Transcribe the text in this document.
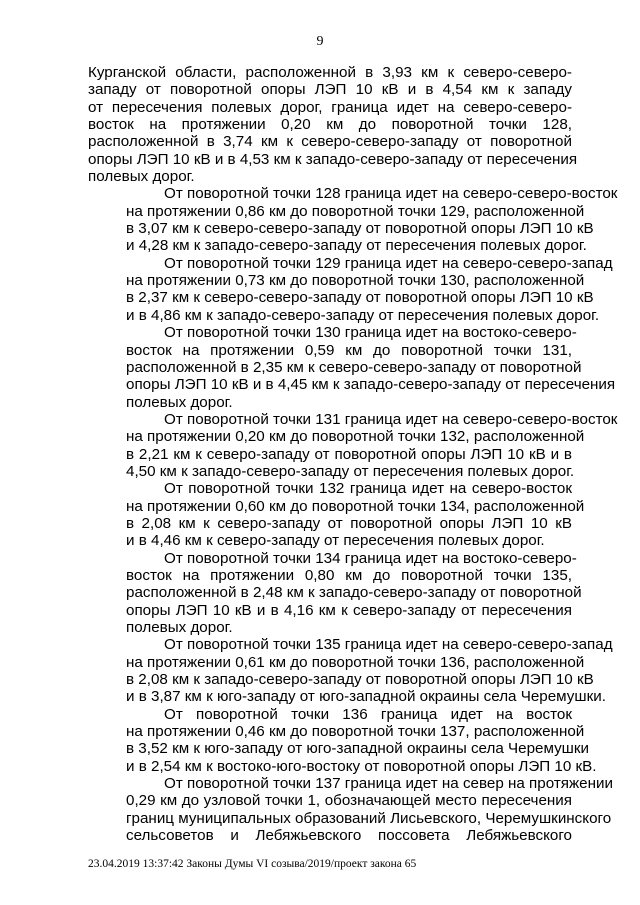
9
Курганской области, расположенной в 3,93 км к северо-северо-
западу от поворотной опоры ЛЭП 10 кВ и в 4,54 км к западу
от пересечения полевых дорог, граница идет на северо-северо-
восток на протяжении 0,20 км до поворотной точки 128,
расположенной в 3,74 км к северо-северо-западу от поворотной
опоры ЛЭП 10 кВ и в 4,53 км к западо-северо-западу от пересечения
полевых дорог.
От поворотной точки 128 граница идет на северо-северо-восток
на протяжении 0,86 км до поворотной точки 129, расположенной
в 3,07 км к северо-северо-западу от поворотной опоры ЛЭП 10 кВ
и 4,28 км к западо-северо-западу от пересечения полевых дорог.
От поворотной точки 129 граница идет на северо-северо-запад
на протяжении 0,73 км до поворотной точки 130, расположенной
в 2,37 км к северо-северо-западу от поворотной опоры ЛЭП 10 кВ
и в 4,86 км к западо-северо-западу от пересечения полевых дорог.
От поворотной точки 130 граница идет на востоко-северо-
восток на протяжении 0,59 км до поворотной точки 131,
расположенной в 2,35 км к северо-северо-западу от поворотной
опоры ЛЭП 10 кВ и в 4,45 км к западо-северо-западу от пересечения
полевых дорог.
От поворотной точки 131 граница идет на северо-северо-восток
на протяжении 0,20 км до поворотной точки 132, расположенной
в 2,21 км к северо-западу от поворотной опоры ЛЭП 10 кВ и в
4,50 км к западо-северо-западу от пересечения полевых дорог.
От поворотной точки 132 граница идет на северо-восток
на протяжении 0,60 км до поворотной точки 134, расположенной
в 2,08 км к северо-западу от поворотной опоры ЛЭП 10 кВ
и в 4,46 км к северо-западу от пересечения полевых дорог.
От поворотной точки 134 граница идет на востоко-северо-
восток на протяжении 0,80 км до поворотной точки 135,
расположенной в 2,48 км к западо-северо-западу от поворотной
опоры ЛЭП 10 кВ и в 4,16 км к северо-западу от пересечения
полевых дорог.
От поворотной точки 135 граница идет на северо-северо-запад
на протяжении 0,61 км до поворотной точки 136, расположенной
в 2,08 км к западо-северо-западу от поворотной опоры ЛЭП 10 кВ
и в 3,87 км к юго-западу от юго-западной окраины села Черемушки.
От поворотной точки 136 граница идет на восток
на протяжении 0,46 км до поворотной точки 137, расположенной
в 3,52 км к юго-западу от юго-западной окраины села Черемушки
и в 2,54 км к востоко-юго-востоку от поворотной опоры ЛЭП 10 кВ.
От поворотной точки 137 граница идет на север на протяжении
0,29 км до узловой точки 1, обозначающей место пересечения
границ муниципальных образований Лисьевского, Черемушкинского
сельсоветов и Лебяжьевского поссовета Лебяжьевского
23.04.2019 13:37:42 Законы Думы VI созыва/2019/проект закона 65
